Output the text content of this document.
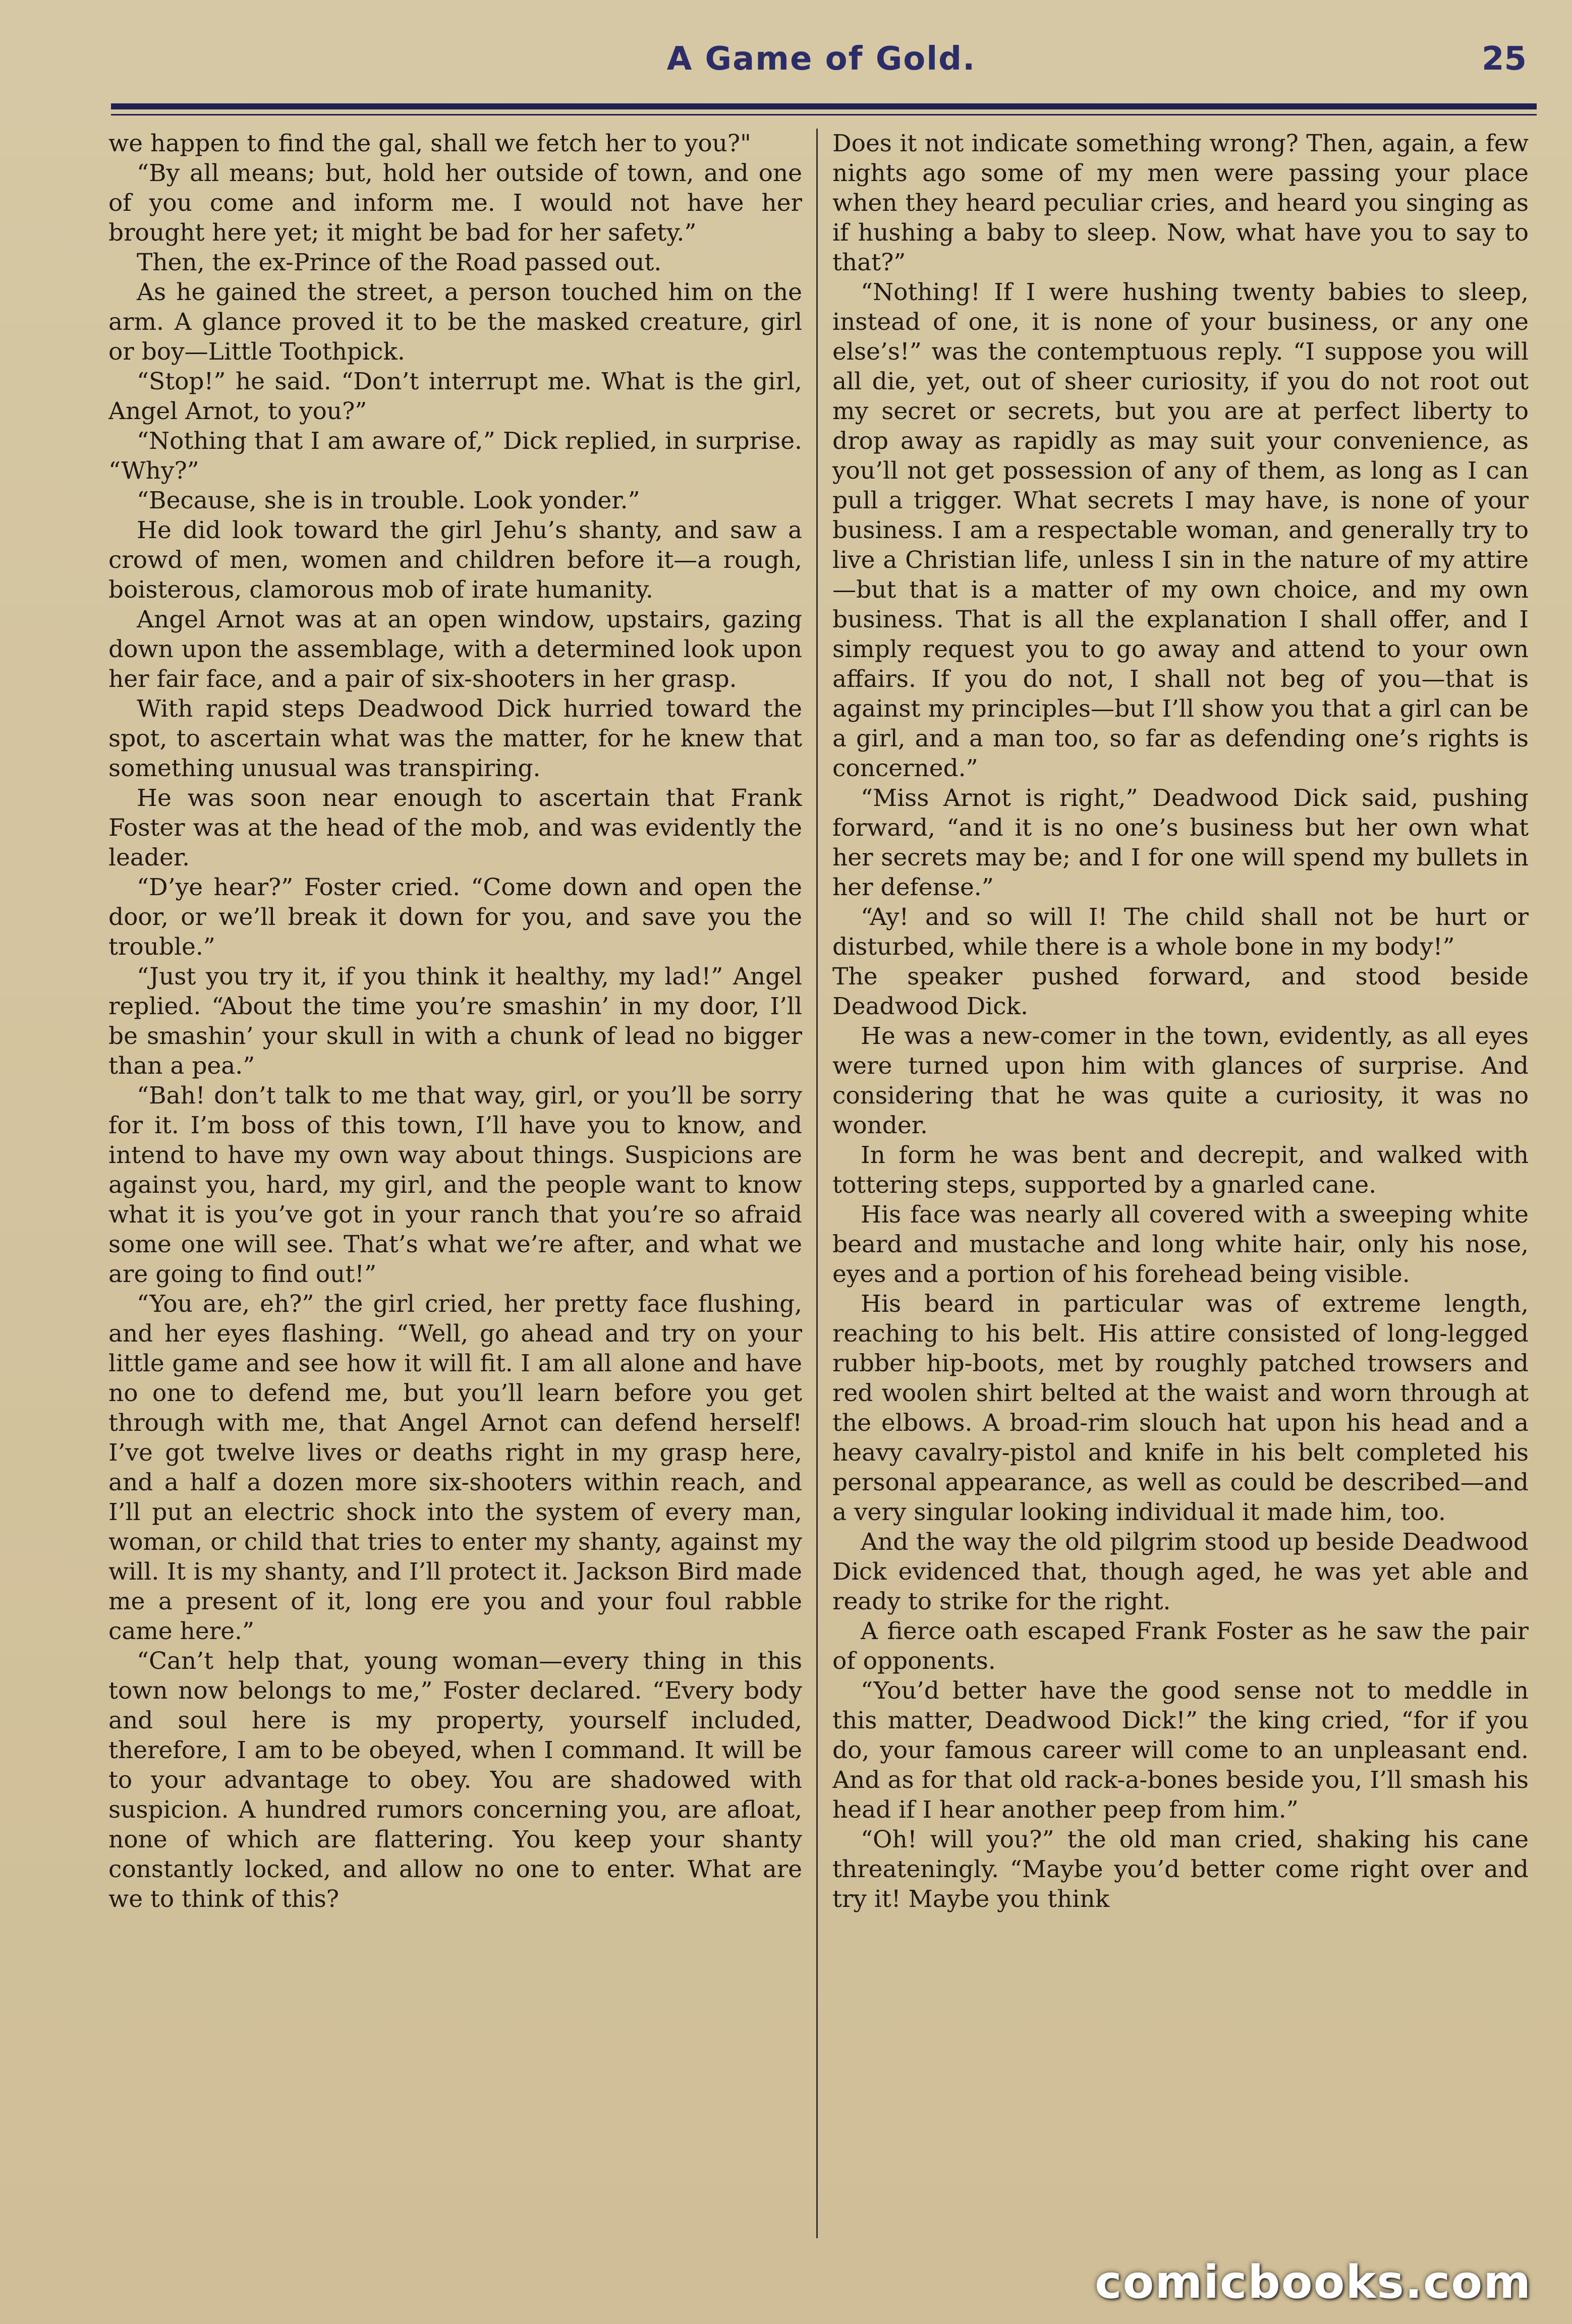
A Game of Gold.	25

we happen to find the gal, shall we fetch her to you?"

“By all means; but, hold her outside of town, and one of you come and inform me. I would not have her brought here yet; it might be bad for her safety.”

Then, the ex-Prince of the Road passed out.

As he gained the street, a person touched him on the arm. A glance proved it to be the masked creature, girl or boy—Little Toothpick.

“Stop!” he said. “Don’t interrupt me. What is the girl, Angel Arnot, to you?”

“Nothing that I am aware of,” Dick replied, in surprise. “Why?”

“Because, she is in trouble. Look yonder.”

He did look toward the girl Jehu’s shanty, and saw a crowd of men, women and children before it—a rough, boisterous, clamorous mob of irate humanity.

Angel Arnot was at an open window, upstairs, gazing down upon the assemblage, with a determined look upon her fair face, and a pair of six-shooters in her grasp.

With rapid steps Deadwood Dick hurried toward the spot, to ascertain what was the matter, for he knew that something unusual was transpiring.

He was soon near enough to ascertain that Frank Foster was at the head of the mob, and was evidently the leader.

“D’ye hear?” Foster cried. “Come down and open the door, or we’ll break it down for you, and save you the trouble.”

“Just you try it, if you think it healthy, my lad!” Angel replied. “About the time you’re smashin’ in my door, I’ll be smashin’ your skull in with a chunk of lead no bigger than a pea.”

“Bah! don’t talk to me that way, girl, or you’ll be sorry for it. I’m boss of this town, I’ll have you to know, and intend to have my own way about things. Suspicions are against you, hard, my girl, and the people want to know what it is you’ve got in your ranch that you’re so afraid some one will see. That’s what we’re after, and what we are going to find out!”

“You are, eh?” the girl cried, her pretty face flushing, and her eyes flashing. “Well, go ahead and try on your little game and see how it will fit. I am all alone and have no one to defend me, but you’ll learn before you get through with me, that Angel Arnot can defend herself! I’ve got twelve lives or deaths right in my grasp here, and a half a dozen more six-shooters within reach, and I’ll put an electric shock into the system of every man, woman, or child that tries to enter my shanty, against my will. It is my shanty, and I’ll protect it. Jackson Bird made me a present of it, long ere you and your foul rabble came here.”

“Can’t help that, young woman—every thing in this town now belongs to me,” Foster declared. “Every body and soul here is my property, yourself included, therefore, I am to be obeyed, when I command. It will be to your advantage to obey. You are shadowed with suspicion. A hundred rumors concerning you, are afloat, none of which are flattering. You keep your shanty constantly locked, and allow no one to enter. What are we to think of this?

Does it not indicate something wrong? Then, again, a few nights ago some of my men were passing your place when they heard peculiar cries, and heard you singing as if hushing a baby to sleep. Now, what have you to say to that?”

“Nothing! If I were hushing twenty babies to sleep, instead of one, it is none of your business, or any one else’s!” was the contemptuous reply. “I suppose you will all die, yet, out of sheer curiosity, if you do not root out my secret or secrets, but you are at perfect liberty to drop away as rapidly as may suit your convenience, as you’ll not get possession of any of them, as long as I can pull a trigger. What secrets I may have, is none of your business. I am a respectable woman, and generally try to live a Christian life, unless I sin in the nature of my attire—but that is a matter of my own choice, and my own business. That is all the explanation I shall offer, and I simply request you to go away and attend to your own affairs. If you do not, I shall not beg of you—that is against my principles—but I’ll show you that a girl can be a girl, and a man too, so far as defending one’s rights is concerned.”

“Miss Arnot is right,” Deadwood Dick said, pushing forward, “and it is no one’s business but her own what her secrets may be; and I for one will spend my bullets in her defense.”

“Ay! and so will I! The child shall not be hurt or disturbed, while there is a whole bone in my body!”

The speaker pushed forward, and stood beside Deadwood Dick.

He was a new-comer in the town, evidently, as all eyes were turned upon him with glances of surprise. And considering that he was quite a curiosity, it was no wonder.

In form he was bent and decrepit, and walked with tottering steps, supported by a gnarled cane.

His face was nearly all covered with a sweeping white beard and mustache and long white hair, only his nose, eyes and a portion of his forehead being visible.

His beard in particular was of extreme length, reaching to his belt. His attire consisted of long-legged rubber hip-boots, met by roughly patched trowsers and red woolen shirt belted at the waist and worn through at the elbows. A broad-rim slouch hat upon his head and a heavy cavalry-pistol and knife in his belt completed his personal appearance, as well as could be described—and a very singular looking individual it made him, too.

And the way the old pilgrim stood up beside Deadwood Dick evidenced that, though aged, he was yet able and ready to strike for the right.

A fierce oath escaped Frank Foster as he saw the pair of opponents.

“You’d better have the good sense not to meddle in this matter, Deadwood Dick!” the king cried, “for if you do, your famous career will come to an unpleasant end. And as for that old rack-a-bones beside you, I’ll smash his head if I hear another peep from him.”

“Oh! will you?” the old man cried, shaking his cane threateningly. “Maybe you’d better come right over and try it! Maybe you think

comicbooks.com
